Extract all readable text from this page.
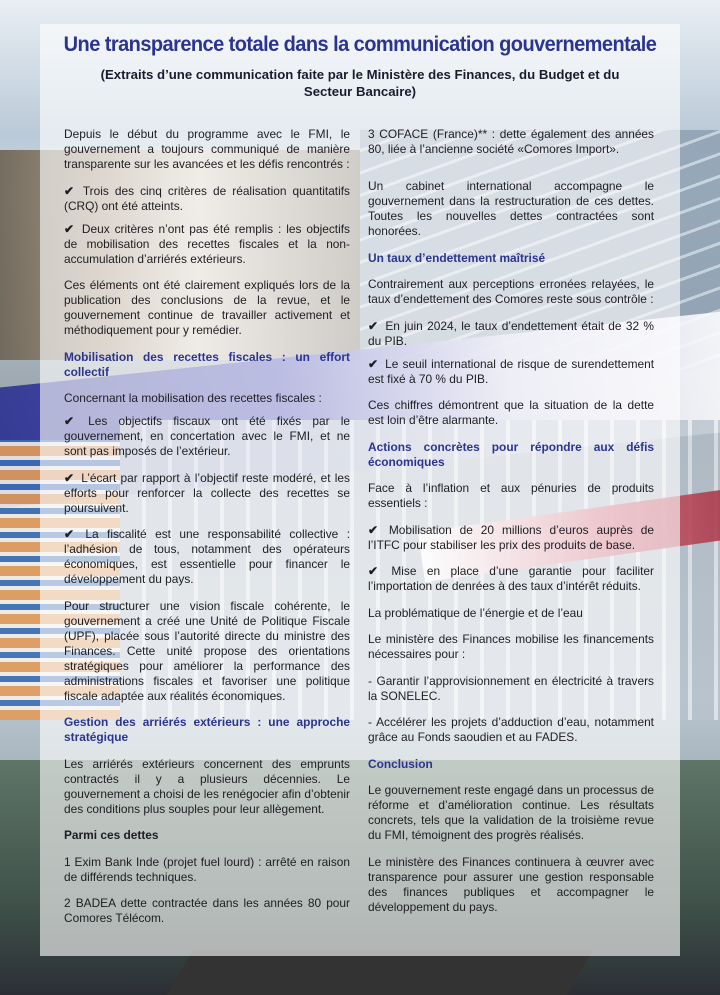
Une transparence totale dans la communication gouvernementale
(Extraits d’une communication faite par le Ministère des Finances, du Budget et du Secteur Bancaire)

Depuis le début du programme avec le FMI, le gouvernement a toujours communiqué de manière transparente sur les avancées et les défis rencontrés :

✔ Trois des cinq critères de réalisation quantitatifs (CRQ) ont été atteints.

✔ Deux critères n’ont pas été remplis : les objectifs de mobilisation des recettes fiscales et la non-accumulation d’arriérés extérieurs.

Ces éléments ont été clairement expliqués lors de la publication des conclusions de la revue, et le gouvernement continue de travailler activement et méthodiquement pour y remédier.

Mobilisation des recettes fiscales : un effort collectif

Concernant la mobilisation des recettes fiscales :

✔ Les objectifs fiscaux ont été fixés par le gouvernement, en concertation avec le FMI, et ne sont pas imposés de l’extérieur.

✔ L’écart par rapport à l’objectif reste modéré, et les efforts pour renforcer la collecte des recettes se poursuivent.

✔ La fiscalité est une responsabilité collective : l’adhésion de tous, notamment des opérateurs économiques, est essentielle pour financer le développement du pays.

Pour structurer une vision fiscale cohérente, le gouvernement a créé une Unité de Politique Fiscale (UPF), placée sous l’autorité directe du ministre des Finances. Cette unité propose des orientations stratégiques pour améliorer la performance des administrations fiscales et favoriser une politique fiscale adaptée aux réalités économiques.

Gestion des arriérés extérieurs : une approche stratégique

Les arriérés extérieurs concernent des emprunts contractés il y a plusieurs décennies. Le gouvernement a choisi de les renégocier afin d’obtenir des conditions plus souples pour leur allègement.

Parmi ces dettes

1 Exim Bank Inde (projet fuel lourd) : arrêté en raison de différends techniques.

2 BADEA dette contractée dans les années 80 pour Comores Télécom.

3 COFACE (France)** : dette également des années 80, liée à l’ancienne société «Comores Import».

Un cabinet international accompagne le gouvernement dans la restructuration de ces dettes. Toutes les nouvelles dettes contractées sont honorées.

Un taux d’endettement maîtrisé

Contrairement aux perceptions erronées relayées, le taux d’endettement des Comores reste sous contrôle :

✔ En juin 2024, le taux d’endettement était de 32 % du PIB.

✔ Le seuil international de risque de surendettement est fixé à 70 % du PIB.

Ces chiffres démontrent que la situation de la dette est loin d’être alarmante.

Actions concrètes pour répondre aux défis économiques

Face à l’inflation et aux pénuries de produits essentiels :

✔ Mobilisation de 20 millions d’euros auprès de l’ITFC pour stabiliser les prix des produits de base.

✔ Mise en place d’une garantie pour faciliter l’importation de denrées à des taux d’intérêt réduits.

La problématique de l’énergie et de l’eau

Le ministère des Finances mobilise les financements nécessaires pour :

- Garantir l’approvisionnement en électricité à travers la SONELEC.

- Accélérer les projets d’adduction d’eau, notamment grâce au Fonds saoudien et au FADES.

Conclusion

Le gouvernement reste engagé dans un processus de réforme et d’amélioration continue. Les résultats concrets, tels que la validation de la troisième revue du FMI, témoignent des progrès réalisés.

Le ministère des Finances continuera à œuvrer avec transparence pour assurer une gestion responsable des finances publiques et accompagner le développement du pays.
